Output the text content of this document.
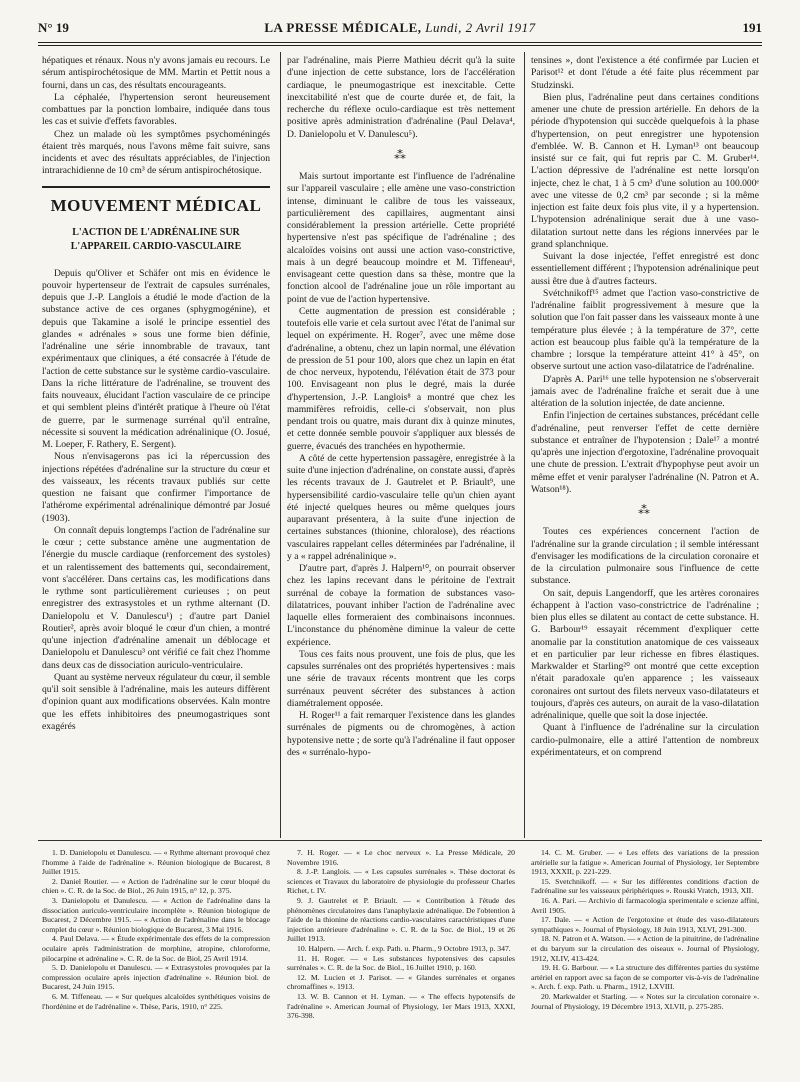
N° 19	LA PRESSE MÉDICALE, Lundi, 2 Avril 1917	191

hépatiques et rénaux. Nous n'y avons jamais eu recours. Le sérum antispirochétosique de MM. Martin et Pettit nous a fourni, dans un cas, des résultats encourageants.

La céphalée, l'hypertension seront heureusement combattues par la ponction lombaire, indiquée dans tous les cas et suivie d'effets favorables.

Chez un malade où les symptômes psychoméningés étaient très marqués, nous l'avons même fait suivre, sans incidents et avec des résultats appréciables, de l'injection intrarachidienne de 10 cm³ de sérum antispirochétosique.

MOUVEMENT MÉDICAL
L'ACTION DE L'ADRÉNALINE SUR L'APPAREIL CARDIO-VASCULAIRE

Depuis qu'Oliver et Schäfer ont mis en évidence le pouvoir hypertenseur de l'extrait de capsules surrénales, depuis que J.-P. Langlois a étudié le mode d'action de la substance active de ces organes (sphygmogénine), et depuis que Takamine a isolé le principe essentiel des glandes « adrénales » sous une forme bien définie, l'adrénaline une série innombrable de travaux, tant expérimentaux que cliniques, a été consacrée à l'étude de l'action de cette substance sur le système cardio-vasculaire. Dans la riche littérature de l'adrénaline, se trouvent des faits nouveaux, élucidant l'action vasculaire de ce principe et qui semblent pleins d'intérêt pratique à l'heure où l'état de guerre, par le surmenage surrénal qu'il entraîne, nécessite si souvent la médication adrénalinique (O. Josué, M. Loeper, F. Rathery, E. Sergent).

Nous n'envisagerons pas ici la répercussion des injections répétées d'adrénaline sur la structure du cœur et des vaisseaux, les récents travaux publiés sur cette question ne faisant que confirmer l'importance de l'athérome expérimental adrénalinique démontré par Josué (1903).

On connaît depuis longtemps l'action de l'adrénaline sur le cœur ; cette substance amène une augmentation de l'énergie du muscle cardiaque (renforcement des systoles) et un ralentissement des battements qui, secondairement, vont s'accélérer. Dans certains cas, les modifications dans le rythme sont particulièrement curieuses ; on peut enregistrer des extrasystoles et un rythme alternant (D. Danielopolu et V. Danulescu¹) ; d'autre part Daniel Routier², après avoir bloqué le cœur d'un chien, a montré qu'une injection d'adrénaline amenait un déblocage et Danielopolu et Danulescu³ ont vérifié ce fait chez l'homme dans deux cas de dissociation auriculo-ventriculaire.

Quant au système nerveux régulateur du cœur, il semble qu'il soit sensible à l'adrénaline, mais les auteurs diffèrent d'opinion quant aux modifications observées. Kaln montre que les effets inhibitoires des pneumogastriques sont exagérés

par l'adrénaline, mais Pierre Mathieu décrit qu'à la suite d'une injection de cette substance, lors de l'accélération cardiaque, le pneumogastrique est inexcitable. Cette inexcitabilité n'est que de courte durée et, de fait, la recherche du réflexe oculo-cardiaque est très nettement positive après administration d'adrénaline (Paul Delava⁴, D. Danielopolu et V. Danulescu⁵).

⁂

Mais surtout importante est l'influence de l'adrénaline sur l'appareil vasculaire ; elle amène une vaso-constriction intense, diminuant le calibre de tous les vaisseaux, particulièrement des capillaires, augmentant ainsi considérablement la pression artérielle. Cette propriété hypertensive n'est pas spécifique de l'adrénaline ; des alcaloïdes voisins ont aussi une action vaso-constrictive, mais à un degré beaucoup moindre et M. Tiffeneau⁶, envisageant cette question dans sa thèse, montre que la fonction alcool de l'adrénaline joue un rôle important au point de vue de l'action hypertensive.

Cette augmentation de pression est considérable ; toutefois elle varie et cela surtout avec l'état de l'animal sur lequel on expérimente. H. Roger⁷, avec une même dose d'adrénaline, a obtenu, chez un lapin normal, une élévation de pression de 51 pour 100, alors que chez un lapin en état de choc nerveux, hypotendu, l'élévation était de 373 pour 100. Envisageant non plus le degré, mais la durée d'hypertension, J.-P. Langlois⁸ a montré que chez les mammifères refroidis, celle-ci s'observait, non plus pendant trois ou quatre, mais durant dix à quinze minutes, et cette donnée semble pouvoir s'appliquer aux blessés de guerre, évacués des tranchées en hypothermie.

A côté de cette hypertension passagère, enregistrée à la suite d'une injection d'adrénaline, on constate aussi, d'après les récents travaux de J. Gautrelet et P. Briault⁹, une hypersensibilité cardio-vasculaire telle qu'un chien ayant été injecté quelques heures ou même quelques jours auparavant présentera, à la suite d'une injection de certaines substances (thionine, chloralose), des réactions vasculaires rappelant celles déterminées par l'adrénaline, il y a « rappel adrénalinique ».

D'autre part, d'après J. Halpern¹⁰, on pourrait observer chez les lapins recevant dans le péritoine de l'extrait surrénal de cobaye la formation de substances vaso-dilatatrices, pouvant inhiber l'action de l'adrénaline avec laquelle elles formeraient des combinaisons inconnues. L'inconstance du phénomène diminue la valeur de cette expérience.

Tous ces faits nous prouvent, une fois de plus, que les capsules surrénales ont des propriétés hypertensives : mais une série de travaux récents montrent que les corps surrénaux peuvent sécréter des substances à action diamétralement opposée.

H. Roger¹¹ a fait remarquer l'existence dans les glandes surrénales de pigments ou de chromogènes, à action hypotensive nette ; de sorte qu'à l'adrénaline il faut opposer des « surrénalo-hypo-

tensines », dont l'existence a été confirmée par Lucien et Parisot¹² et dont l'étude a été faite plus récemment par Studzinski.

Bien plus, l'adrénaline peut dans certaines conditions amener une chute de pression artérielle. En dehors de la période d'hypotension qui succède quelquefois à la phase d'hypertension, on peut enregistrer une hypotension d'emblée. W. B. Cannon et H. Lyman¹³ ont beaucoup insisté sur ce fait, qui fut repris par C. M. Gruber¹⁴. L'action dépressive de l'adrénaline est nette lorsqu'on injecte, chez le chat, 1 à 5 cm³ d'une solution au 100.000ᵉ avec une vitesse de 0,2 cm³ par seconde ; si la même injection est faite deux fois plus vite, il y a hypertension. L'hypotension adrénalinique serait due à une vaso-dilatation surtout nette dans les régions innervées par le grand splanchnique.

Suivant la dose injectée, l'effet enregistré est donc essentiellement différent ; l'hypotension adrénalinique peut aussi être due à d'autres facteurs.

Svétchnikoff¹⁵ admet que l'action vaso-constrictive de l'adrénaline faiblit progressivement à mesure que la solution que l'on fait passer dans les vaisseaux monte à une température plus élevée ; à la température de 37°, cette action est beaucoup plus faible qu'à la température de la chambre ; lorsque la température atteint 41° à 45°, on observe surtout une action vaso-dilatatrice de l'adrénaline.

D'après A. Pari¹⁶ une telle hypotension ne s'observerait jamais avec de l'adrénaline fraîche et serait due à une altération de la solution injectée, de date ancienne.

Enfin l'injection de certaines substances, précédant celle d'adrénaline, peut renverser l'effet de cette dernière substance et entraîner de l'hypotension ; Dale¹⁷ a montré qu'après une injection d'ergotoxine, l'adrénaline provoquait une chute de pression. L'extrait d'hypophyse peut avoir un même effet et venir paralyser l'adrénaline (N. Patron et A. Watson¹⁸).

⁂

Toutes ces expériences concernent l'action de l'adrénaline sur la grande circulation ; il semble intéressant d'envisager les modifications de la circulation coronaire et de la circulation pulmonaire sous l'influence de cette substance.

On sait, depuis Langendorff, que les artères coronaires échappent à l'action vaso-constrictrice de l'adrénaline ; bien plus elles se dilatent au contact de cette substance. H. G. Barbour¹⁹ essayait récemment d'expliquer cette anomalie par la constitution anatomique de ces vaisseaux et en particulier par leur richesse en fibres élastiques. Markwalder et Starling²⁰ ont montré que cette exception n'était paradoxale qu'en apparence ; les vaisseaux coronaires ont surtout des filets nerveux vaso-dilatateurs et toujours, d'après ces auteurs, on aurait de la vaso-dilatation adrénalinique, quelle que soit la dose injectée.

Quant à l'influence de l'adrénaline sur la circulation cardio-pulmonaire, elle a attiré l'attention de nombreux expérimentateurs, et on comprend

1. D. Danielopolu et Danulescu. — « Rythme alternant provoqué chez l'homme à l'aide de l'adrénaline ». Réunion biologique de Bucarest, 8 Juillet 1915.

2. Daniel Routier. — « Action de l'adrénaline sur le cœur bloqué du chien ». C. R. de la Soc. de Biol., 26 Juin 1915, n° 12, p. 375.

3. Danielopolu et Danulescu. — « Action de l'adrénaline dans la dissociation auriculo-ventriculaire incomplète ». Réunion biologique de Bucarest, 2 Décembre 1915. — « Action de l'adrénaline dans le blocage complet du cœur ». Réunion biologique de Bucarest, 3 Mai 1916.

4. Paul Delava. — « Étude expérimentale des effets de la compression oculaire après l'administration de morphine, atropine, chloroforme, pilocarpine et adrénaline ». C. R. de la Soc. de Biol, 25 Avril 1914.

5. D. Danielopolu et Danulescu. — « Extrasystoles provoquées par la compression oculaire après injection d'adrénaline ». Réunion biol. de Bucarest, 24 Juin 1915.

6. M. Tiffeneau. — « Sur quelques alcaloïdes synthétiques voisins de l'hordénine et de l'adrénaline ». Thèse, Paris, 1910, n° 225.

7. H. Roger. — « Le choc nerveux ». La Presse Médicale, 20 Novembre 1916.

8. J.-P. Langlois. — « Les capsules surrénales ». Thèse doctorat ès sciences et Travaux du laboratoire de physiologie du professeur Charles Richet, t. IV.

9. J. Gautrelet et P. Briault. — « Contribution à l'étude des phénomènes circulatoires dans l'anaphylaxie adrénalique. De l'obtention à l'aide de la thionine de réactions cardio-vasculaires caractéristiques d'une injection antérieure d'adrénaline ». C. R. de la Soc. de Biol., 19 et 26 Juillet 1913.

10. Halpern. — Arch. f. exp. Path. u. Pharm., 9 Octobre 1913, p. 347.

11. H. Roger. — « Les substances hypotensives des capsules surrénales ». C. R. de la Soc. de Biol., 16 Juillet 1910, p. 160.

12. M. Lucien et J. Parisot. — « Glandes surrénales et organes chromaffines ». 1913.

13. W. B. Cannon et H. Lyman. — « The effects hypotensifs de l'adrénaline ». American Journal of Physiology, 1er Mars 1913, XXXI, 376-398.

14. C. M. Gruber. — « Les effets des variations de la pression artérielle sur la fatigue ». American Journal of Physiology, 1er Septembre 1913, XXXII, p. 221-229.

15. Svetchnikoff. — « Sur les différentes conditions d'action de l'adrénaline sur les vaisseaux périphériques ». Rouski Vratch, 1913, XII.

16. A. Pari. — Archivio di farmacologia sperimentale e scienze affini, Avril 1905.

17. Dale. — « Action de l'ergotoxine et étude des vaso-dilatateurs sympathiques ». Journal of Physiology, 18 Juin 1913, XLVI, 291-300.

18. N. Patron et A. Watson. — « Action de la pituitrine, de l'adrénaline et du baryum sur la circulation des oiseaux ». Journal of Physiology, 1912, XLIV, 413-424.

19. H. G. Barbour. — « La structure des différentes parties du système artériel en rapport avec sa façon de se comporter vis-à-vis de l'adrénaline ». Arch. f. exp. Path. u. Pharm., 1912, LXVIII.

20. Markwalder et Starling. — « Notes sur la circulation coronaire ». Journal of Physiology, 19 Décembre 1913, XLVII, p. 275-285.
